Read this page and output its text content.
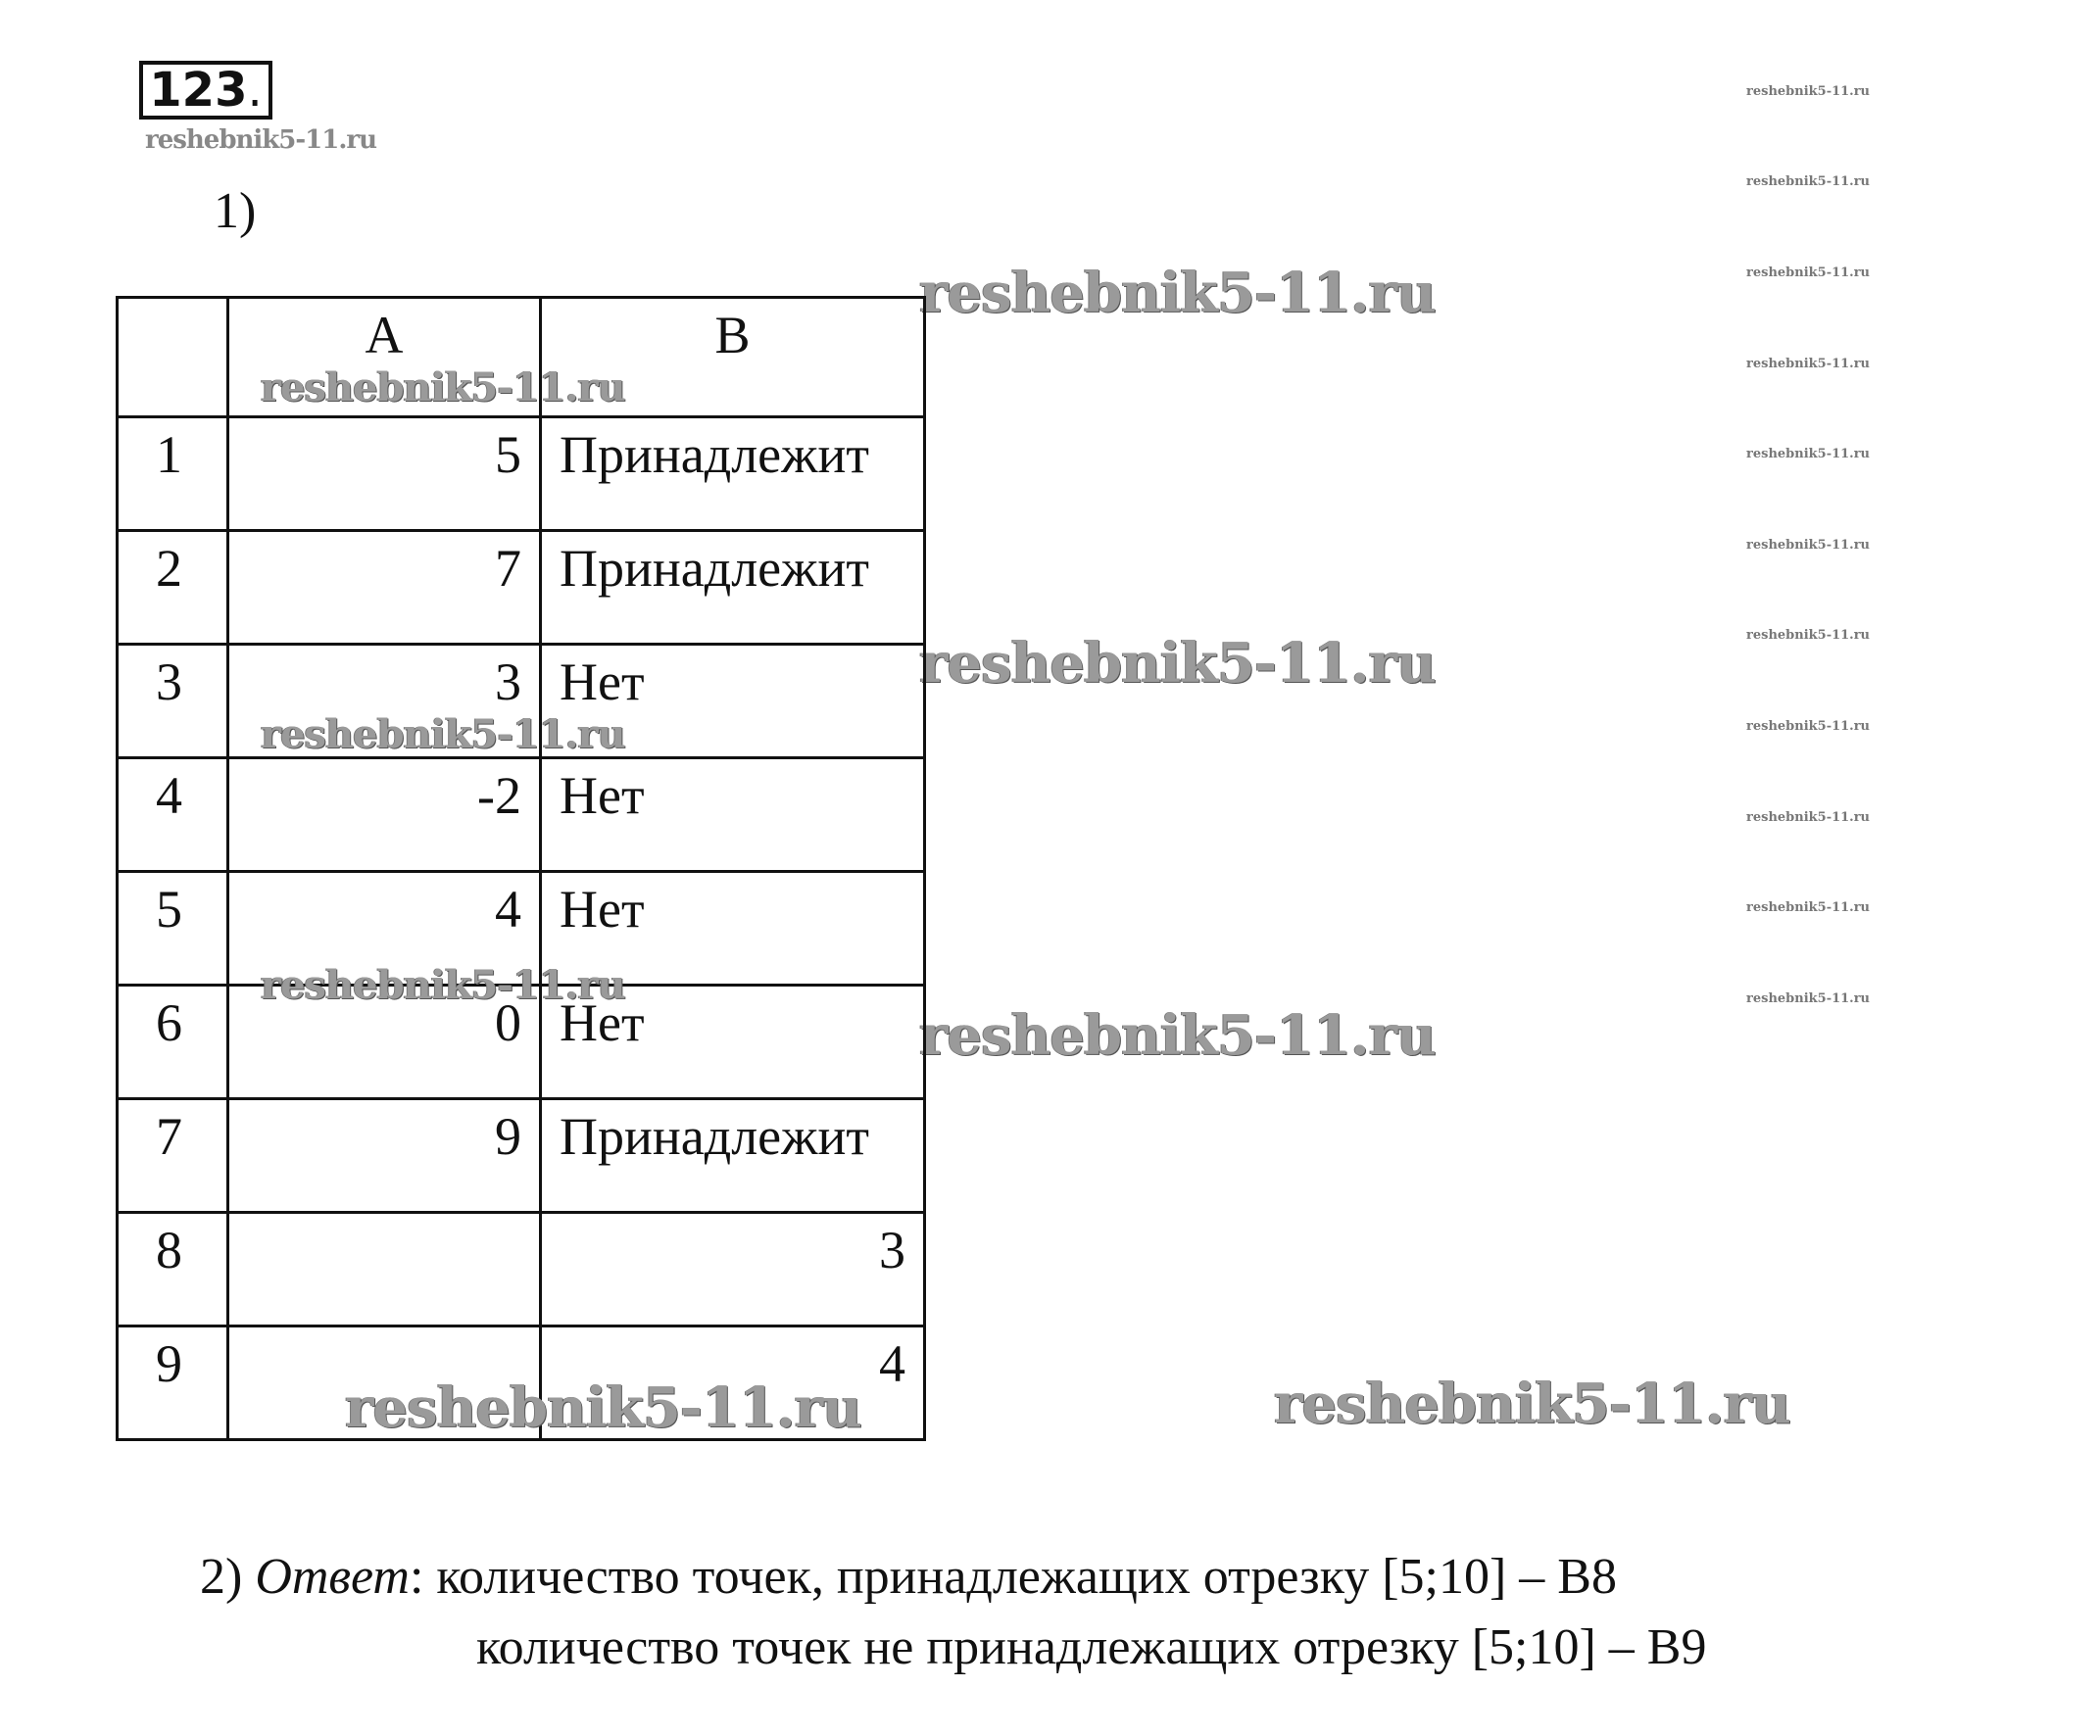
123.
reshebnik5-11.ru
reshebnik5-11.ru
reshebnik5-11.ru
reshebnik5-11.ru
reshebnik5-11.ru
reshebnik5-11.ru
reshebnik5-11.ru
reshebnik5-11.ru
reshebnik5-11.ru
reshebnik5-11.ru
reshebnik5-11.ru
reshebnik5-11.ru
reshebnik5-11.ru
reshebnik5-11.ru
reshebnik5-11.ru
reshebnik5-11.ru
1)

	A	B

1	5	Принадлежит

2	7	Принадлежит

3	3	Нет

4	-2	Нет

5	4	Нет

6	0	Нет

7	9	Принадлежит

8		3

9		4
reshebnik5-11.ru
reshebnik5-11.ru
reshebnik5-11.ru
reshebnik5-11.ru
2) Ответ: количество точек, принадлежащих отрезку [5;10] – B8
количество точек не принадлежащих отрезку [5;10] – B9
